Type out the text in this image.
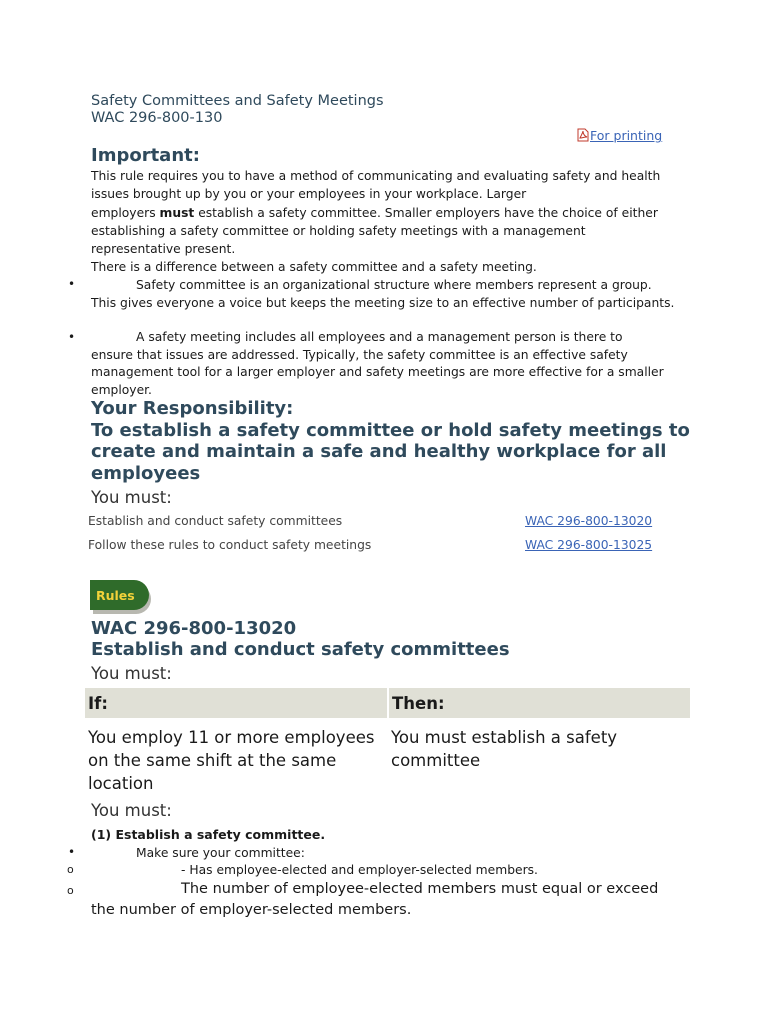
Safety Committees and Safety Meetings
WAC 296-800-130
For printing
Important:
This rule requires you to have a method of communicating and evaluating safety and health
issues brought up by you or your employees in your workplace. Larger
employers must establish a safety committee. Smaller employers have the choice of either
establishing a safety committee or holding safety meetings with a management
representative present.
There is a difference between a safety committee and a safety meeting.
•	Safety committee is an organizational structure where members represent a group.
This gives everyone a voice but keeps the meeting size to an effective number of participants.
•	A safety meeting includes all employees and a management person is there to
ensure that issues are addressed. Typically, the safety committee is an effective safety management tool for a larger employer and safety meetings are more effective for a smaller employer.
Your Responsibility:
To establish a safety committee or hold safety meetings to create and maintain a safe and healthy workplace for all employees
You must:
Establish and conduct safety committees	WAC 296-800-13020
Follow these rules to conduct safety meetings	WAC 296-800-13025
Rules
WAC 296-800-13020
Establish and conduct safety committees
You must:
If:	Then:
You employ 11 or more employees on the same shift at the same location	You must establish a safety committee
You must:
(1) Establish a safety committee.
•	Make sure your committee:
o	- Has employee-elected and employer-selected members.
o	The number of employee-elected members must equal or exceed
the number of employer-selected members.
